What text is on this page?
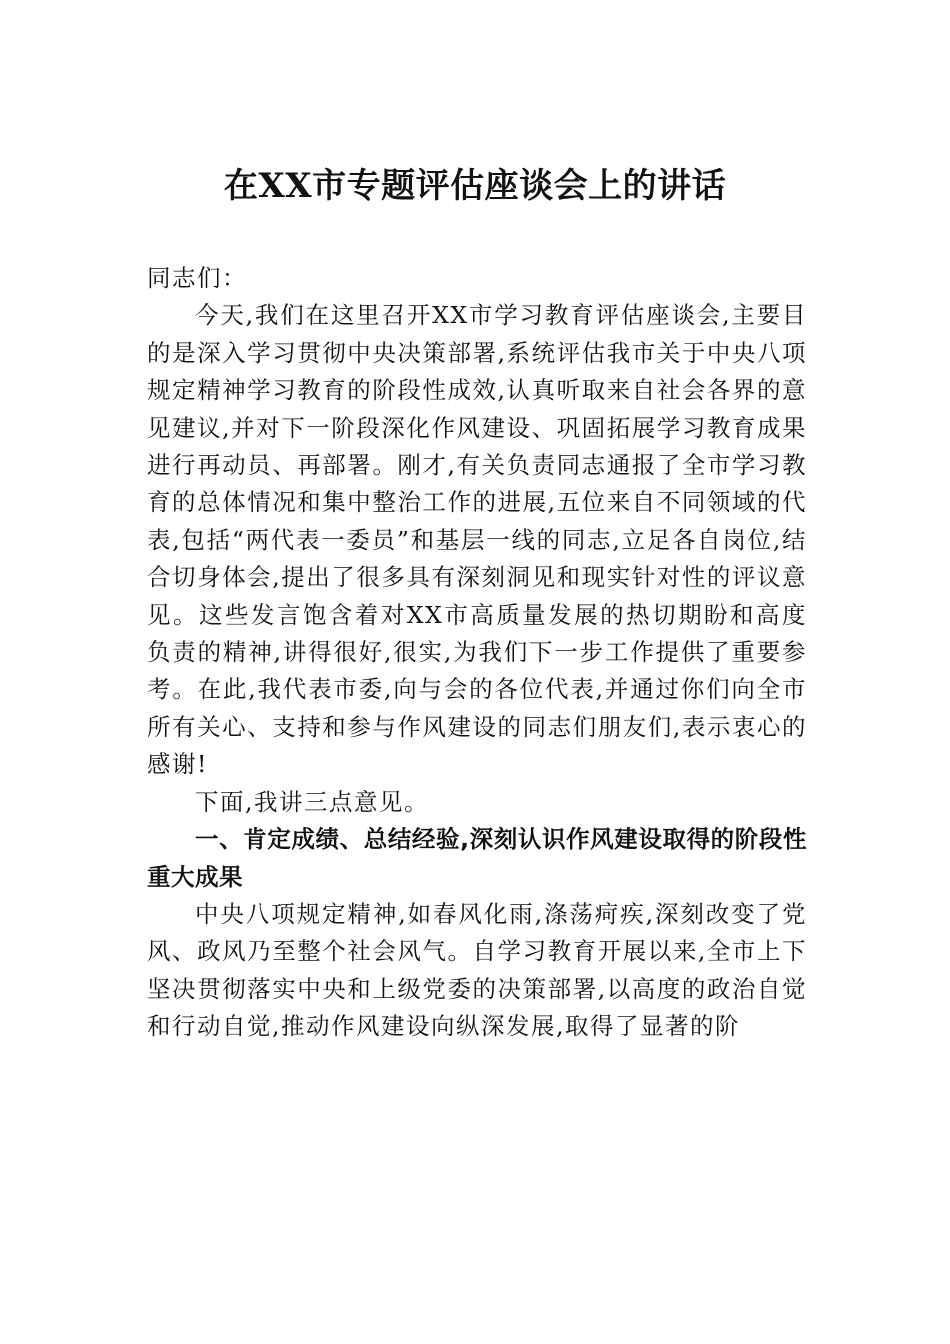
在XX市专题评估座谈会上的讲话

同志们：

今天,我们在这里召开XX市学习教育评估座谈会,主要目的是深入学习贯彻中央决策部署,系统评估我市关于中央八项规定精神学习教育的阶段性成效,认真听取来自社会各界的意见建议,并对下一阶段深化作风建设、巩固拓展学习教育成果进行再动员、再部署。刚才,有关负责同志通报了全市学习教育的总体情况和集中整治工作的进展,五位来自不同领域的代表,包括“两代表一委员”和基层一线的同志,立足各自岗位,结合切身体会,提出了很多具有深刻洞见和现实针对性的评议意见。这些发言饱含着对XX市高质量发展的热切期盼和高度负责的精神,讲得很好,很实,为我们下一步工作提供了重要参考。在此,我代表市委,向与会的各位代表,并通过你们向全市所有关心、支持和参与作风建设的同志们朋友们,表示衷心的感谢!

下面,我讲三点意见。

一、肯定成绩、总结经验,深刻认识作风建设取得的阶段性重大成果

中央八项规定精神,如春风化雨,涤荡疴疾,深刻改变了党风、政风乃至整个社会风气。自学习教育开展以来,全市上下坚决贯彻落实中央和上级党委的决策部署,以高度的政治自觉和行动自觉,推动作风建设向纵深发展,取得了显著的阶
